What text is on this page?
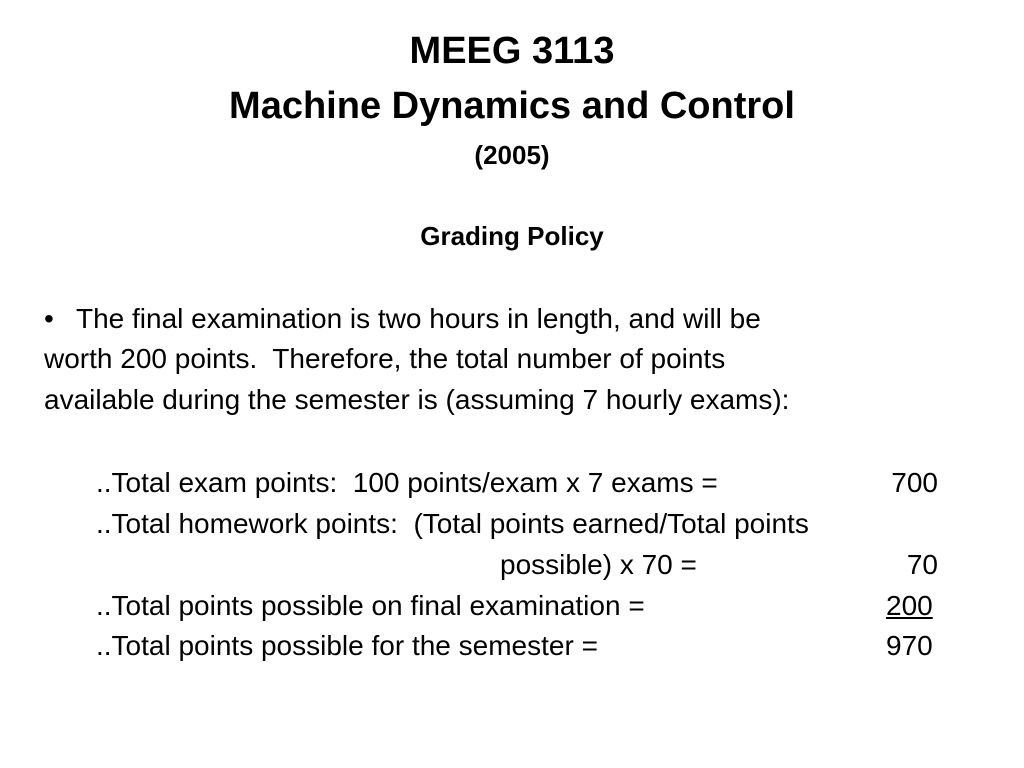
MEEG 3113
Machine Dynamics and Control
(2005)
Grading Policy
• The final examination is two hours in length, and will be
worth 200 points.  Therefore, the total number of points
available during the semester is (assuming 7 hourly exams):
..Total exam points:  100 points/exam x 7 exams =	700
..Total homework points:  (Total points earned/Total points
possible) x 70 =	70
..Total points possible on final examination =	200
..Total points possible for the semester =	970
